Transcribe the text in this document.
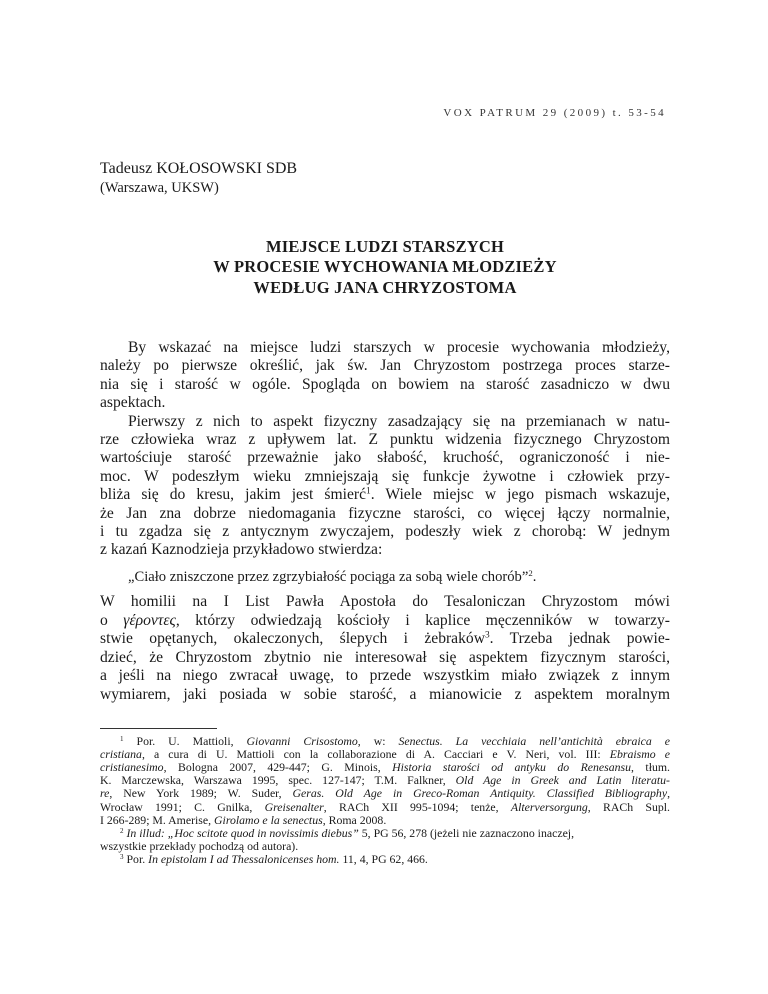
VOX PATRUM 29 (2009) t. 53-54
Tadeusz KOŁOSOWSKI SDB
(Warszawa, UKSW)
MIEJSCE LUDZI STARSZYCH
W PROCESIE WYCHOWANIA MŁODZIEŻY
WEDŁUG JANA CHRYZOSTOMA
By wskazać na miejsce ludzi starszych w procesie wychowania młodzieży,
należy po pierwsze określić, jak św. Jan Chryzostom postrzega proces starze-
nia się i starość w ogóle. Spogląda on bowiem na starość zasadniczo w dwu
aspektach.
Pierwszy z nich to aspekt fizyczny zasadzający się na przemianach w natu-
rze człowieka wraz z upływem lat. Z punktu widzenia fizycznego Chryzostom
wartościuje starość przeważnie jako słabość, kruchość, ograniczoność i nie-
moc. W podeszłym wieku zmniejszają się funkcje żywotne i człowiek przy-
bliża się do kresu, jakim jest śmierć$^1$. Wiele miejsc w jego pismach wskazuje,
że Jan zna dobrze niedomagania fizyczne starości, co więcej łączy normalnie,
i tu zgadza się z antycznym zwyczajem, podeszły wiek z chorobą: W jednym
z kazań Kaznodzieja przykładowo stwierdza:
„Ciało zniszczone przez zgrzybiałość pociąga za sobą wiele chorób”$^2$.
W homilii na I List Pawła Apostoła do Tesaloniczan Chryzostom mówi
o γέροντες, którzy odwiedzają kościoły i kaplice męczenników w towarzy-
stwie opętanych, okaleczonych, ślepych i żebraków$^3$. Trzeba jednak powie-
dzieć, że Chryzostom zbytnio nie interesował się aspektem fizycznym starości,
a jeśli na niego zwracał uwagę, to przede wszystkim miało związek z innym
wymiarem, jaki posiada w sobie starość, a mianowicie z aspektem moralnym
$^1$ Por. U. Mattioli, Giovanni Crisostomo, w: Senectus. La vecchiaia nell’antichità ebraica e
cristiana, a cura di U. Mattioli con la collaborazione di A. Cacciari e V. Neri, vol. III: Ebraismo e
cristianesimo, Bologna 2007, 429-447; G. Minois, Historia starości od antyku do Renesansu, tłum.
K. Marczewska, Warszawa 1995, spec. 127-147; T.M. Falkner, Old Age in Greek and Latin literatu-
re, New York 1989; W. Suder, Geras. Old Age in Greco-Roman Antiquity. Classified Bibliography,
Wrocław 1991; C. Gnilka, Greisenalter, RACh XII 995-1094; tenże, Alterversorgung, RACh Supl.
I 266-289; M. Amerise, Girolamo e la senectus, Roma 2008.
$^2$ In illud: „Hoc scitote quod in novissimis diebus” 5, PG 56, 278 (jeżeli nie zaznaczono inaczej,
wszystkie przekłady pochodzą od autora).
$^3$ Por. In epistolam I ad Thessalonicenses hom. 11, 4, PG 62, 466.
